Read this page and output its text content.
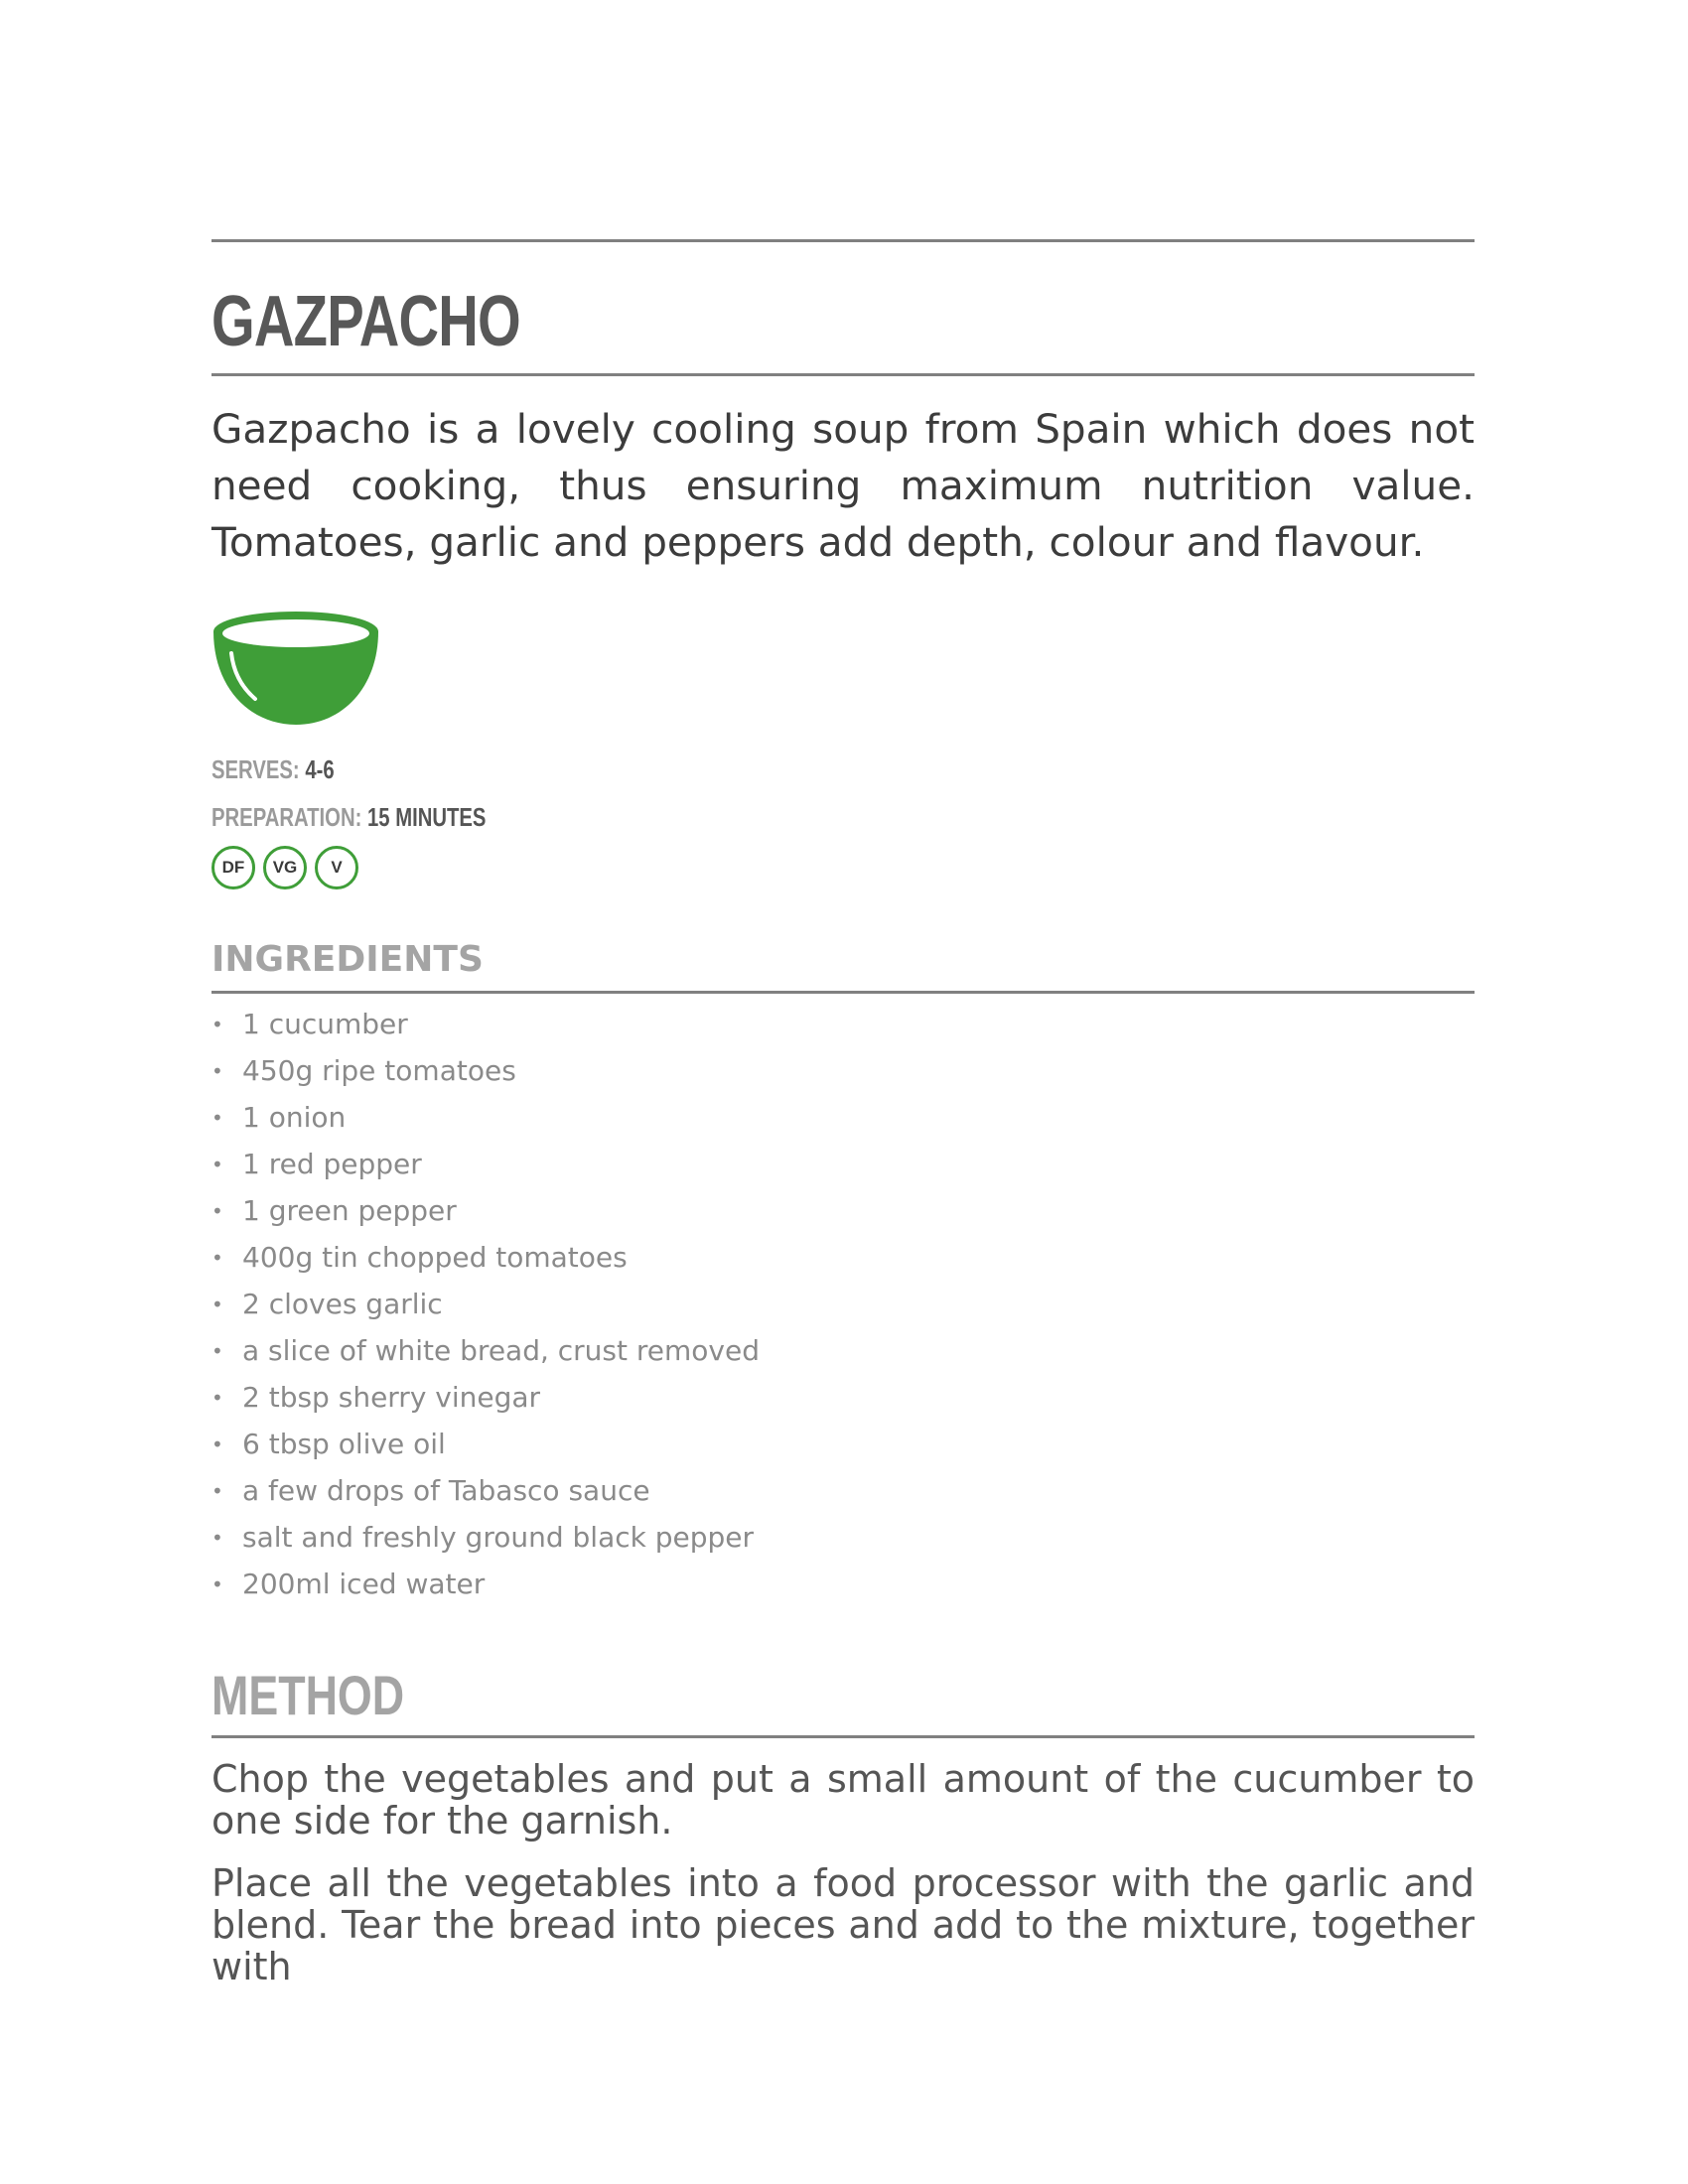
GAZPACHO

Gazpacho is a lovely cooling soup from Spain which does not need cooking, thus ensuring maximum nutrition value. Tomatoes, garlic and peppers add depth, colour and flavour.

SERVES: 4-6
PREPARATION: 15 MINUTES
DF	VG	V
INGREDIENTS
• 1 cucumber
• 450g ripe tomatoes
• 1 onion
• 1 red pepper
• 1 green pepper
• 400g tin chopped tomatoes
• 2 cloves garlic
• a slice of white bread, crust removed
• 2 tbsp sherry vinegar
• 6 tbsp olive oil
• a few drops of Tabasco sauce
• salt and freshly ground black pepper
• 200ml iced water
METHOD

Chop the vegetables and put a small amount of the cucumber to one side for the garnish.

Place all the vegetables into a food processor with the garlic and blend. Tear the bread into pieces and add to the mixture, together with
